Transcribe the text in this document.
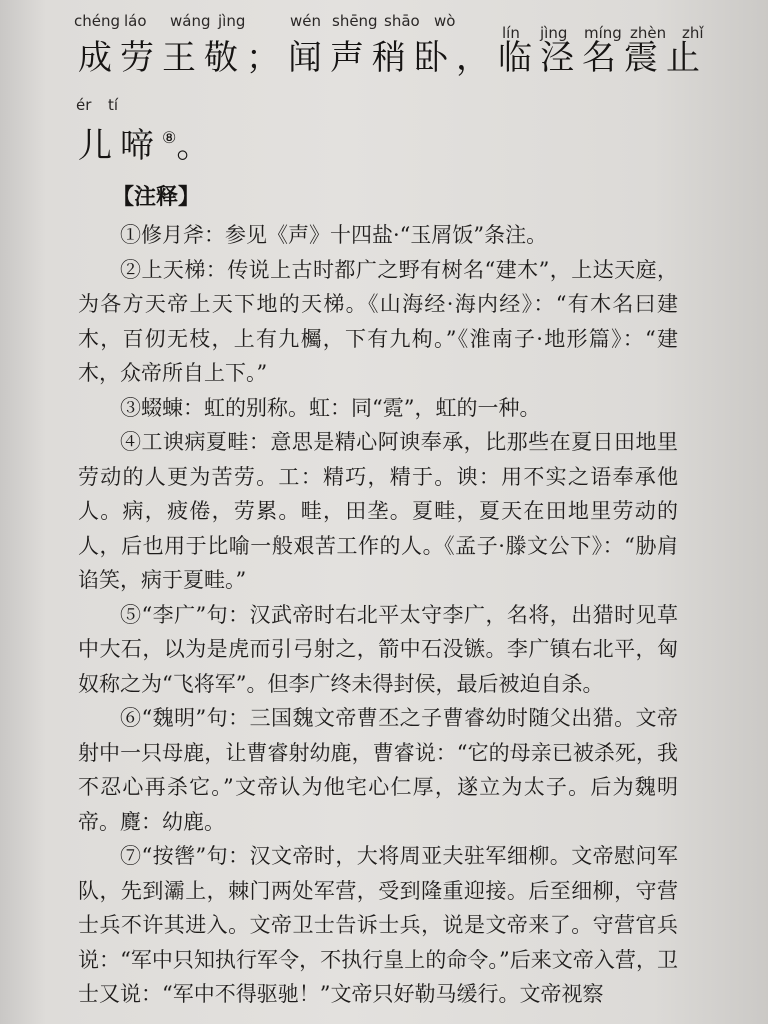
chéng láo wáng jìng	wén shēng shāo wò
lín jìng míng zhèn zhǐ
成劳王敬；闻声稍卧，临泾名震止
ér tí
儿啼⑧。
【注释】

①修月斧：参见《声》十四盐·“玉屑饭”条注。

②上天梯：传说上古时都广之野有树名“建木”，上达天庭，为各方天帝上天下地的天梯。《山海经·海内经》：“有木名曰建木，百仞无枝，上有九欘，下有九枸。”《淮南子·地形篇》：“建木，众帝所自上下。”

③蝃蝀：虹的别称。虹：同“霓”，虹的一种。

④工谀病夏畦：意思是精心阿谀奉承，比那些在夏日田地里劳动的人更为苦劳。工：精巧，精于。谀：用不实之语奉承他人。病，疲倦，劳累。畦，田垄。夏畦，夏天在田地里劳动的人，后也用于比喻一般艰苦工作的人。《孟子·滕文公下》：“胁肩谄笑，病于夏畦。”

⑤“李广”句：汉武帝时右北平太守李广，名将，出猎时见草中大石，以为是虎而引弓射之，箭中石没镞。李广镇右北平，匈奴称之为“飞将军”。但李广终未得封侯，最后被迫自杀。

⑥“魏明”句：三国魏文帝曹丕之子曹睿幼时随父出猎。文帝射中一只母鹿，让曹睿射幼鹿，曹睿说：“它的母亲已被杀死，我不忍心再杀它。”文帝认为他宅心仁厚，遂立为太子。后为魏明帝。麑：幼鹿。

⑦“按辔”句：汉文帝时，大将周亚夫驻军细柳。文帝慰问军队，先到灞上，棘门两处军营，受到隆重迎接。后至细柳，守营士兵不许其进入。文帝卫士告诉士兵，说是文帝来了。守营官兵说：“军中只知执行军令，不执行皇上的命令。”后来文帝入营，卫士又说：“军中不得驱驰！”文帝只好勒马缓行。文帝视察
